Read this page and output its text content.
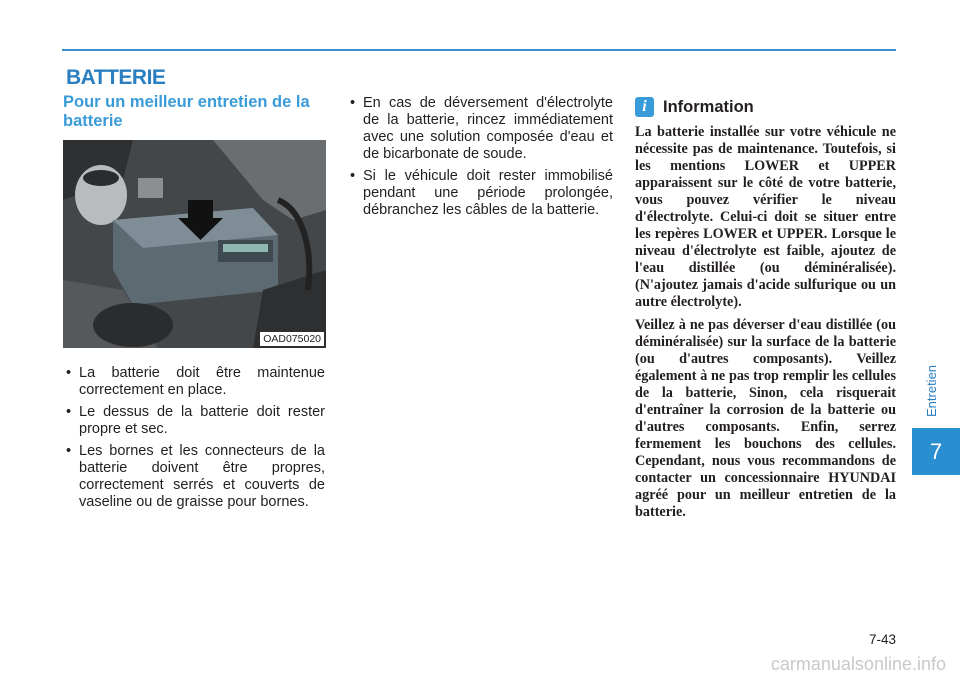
BATTERIE
Pour un meilleur entretien de la batterie
OAD075020
• La batterie doit être maintenue correctement en place.
• Le dessus de la batterie doit rester propre et sec.
• Les bornes et les connecteurs de la batterie doivent être propres, correctement serrés et couverts de vaseline ou de graisse pour bornes.
• En cas de déversement d'électrolyte de la batterie, rincez immédiatement avec une solution composée d'eau et de bicarbonate de soude.
• Si le véhicule doit rester immobilisé pendant une période prolongée, débranchez les câbles de la batterie.
i Information

La batterie installée sur votre véhicule ne nécessite pas de maintenance. Toutefois, si les mentions LOWER et UPPER apparaissent sur le côté de votre batterie, vous pouvez vérifier le niveau d'électrolyte. Celui-ci doit se situer entre les repères LOWER et UPPER. Lorsque le niveau d'électrolyte est faible, ajoutez de l'eau distillée (ou déminéralisée). (N'ajoutez jamais d'acide sulfurique ou un autre électrolyte).

Veillez à ne pas déverser d'eau distillée (ou déminéralisée) sur la surface de la batterie (ou d'autres composants). Veillez également à ne pas trop remplir les cellules de la batterie, Sinon, cela risquerait d'entraîner la corrosion de la batterie ou d'autres composants. Enfin, serrez fermement les bouchons des cellules. Cependant, nous vous recommandons de contacter un concessionnaire HYUNDAI agréé pour un meilleur entretien de la batterie.

Entretien
7
7-43
carmanualsonline.info
